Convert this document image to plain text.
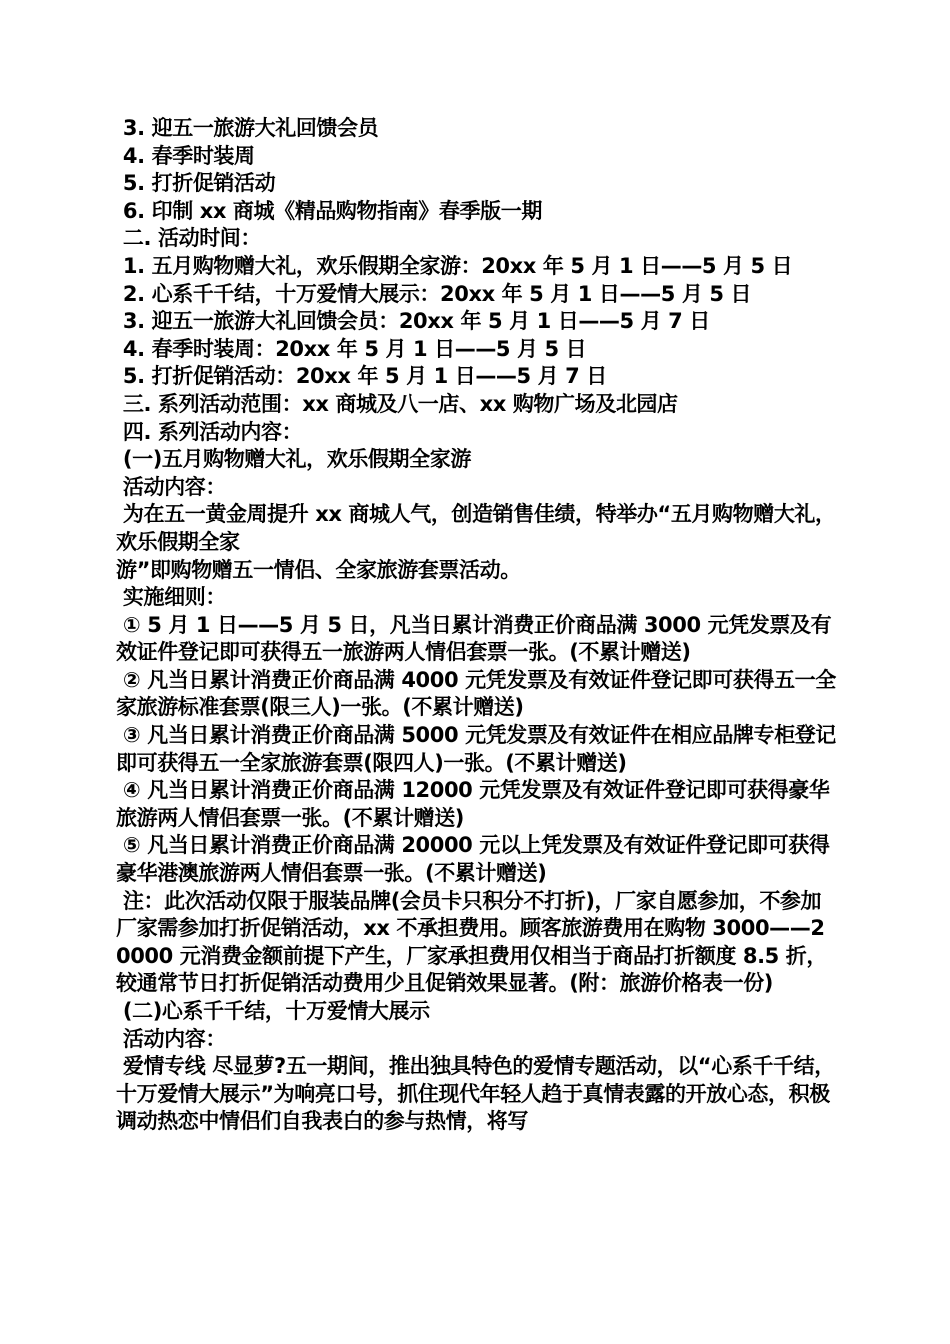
3. 迎五一旅游大礼回馈会员
4. 春季时装周
5. 打折促销活动
6. 印制 xx 商城《精品购物指南》春季版一期
二. 活动时间：
1. 五月购物赠大礼，欢乐假期全家游：20xx 年 5 月 1 日——5 月 5 日
2. 心系千千结，十万爱情大展示：20xx 年 5 月 1 日——5 月 5 日
3. 迎五一旅游大礼回馈会员：20xx 年 5 月 1 日——5 月 7 日
4. 春季时装周：20xx 年 5 月 1 日——5 月 5 日
5. 打折促销活动：20xx 年 5 月 1 日——5 月 7 日
三. 系列活动范围：xx 商城及八一店、xx 购物广场及北园店
四. 系列活动内容：
(一)五月购物赠大礼，欢乐假期全家游
活动内容：
为在五一黄金周提升 xx 商城人气，创造销售佳绩，特举办“五月购物赠大礼，欢乐假期全家
游”即购物赠五一情侣、全家旅游套票活动。
实施细则：
① 5 月 1 日——5 月 5 日，凡当日累计消费正价商品满 3000 元凭发票及有效证件登记即可获得五一旅游两人情侣套票一张。(不累计赠送)
② 凡当日累计消费正价商品满 4000 元凭发票及有效证件登记即可获得五一全家旅游标准套票(限三人)一张。(不累计赠送)
③ 凡当日累计消费正价商品满 5000 元凭发票及有效证件在相应品牌专柜登记即可获得五一全家旅游套票(限四人)一张。(不累计赠送)
④ 凡当日累计消费正价商品满 12000 元凭发票及有效证件登记即可获得豪华旅游两人情侣套票一张。(不累计赠送)
⑤ 凡当日累计消费正价商品满 20000 元以上凭发票及有效证件登记即可获得豪华港澳旅游两人情侣套票一张。(不累计赠送)
注：此次活动仅限于服装品牌(会员卡只积分不打折)，厂家自愿参加，不参加厂家需参加打折促销活动，xx 不承担费用。顾客旅游费用在购物 3000——20000 元消费金额前提下产生，厂家承担费用仅相当于商品打折额度 8.5 折，较通常节日打折促销活动费用少且促销效果显著。(附：旅游价格表一份)
(二)心系千千结，十万爱情大展示
活动内容：
爱情专线 尽显萝?五一期间，推出独具特色的爱情专题活动，以“心系千千结，十万爱情大展示”为响亮口号，抓住现代年轻人趋于真情表露的开放心态，积极调动热恋中情侣们自我表白的参与热情，将写
